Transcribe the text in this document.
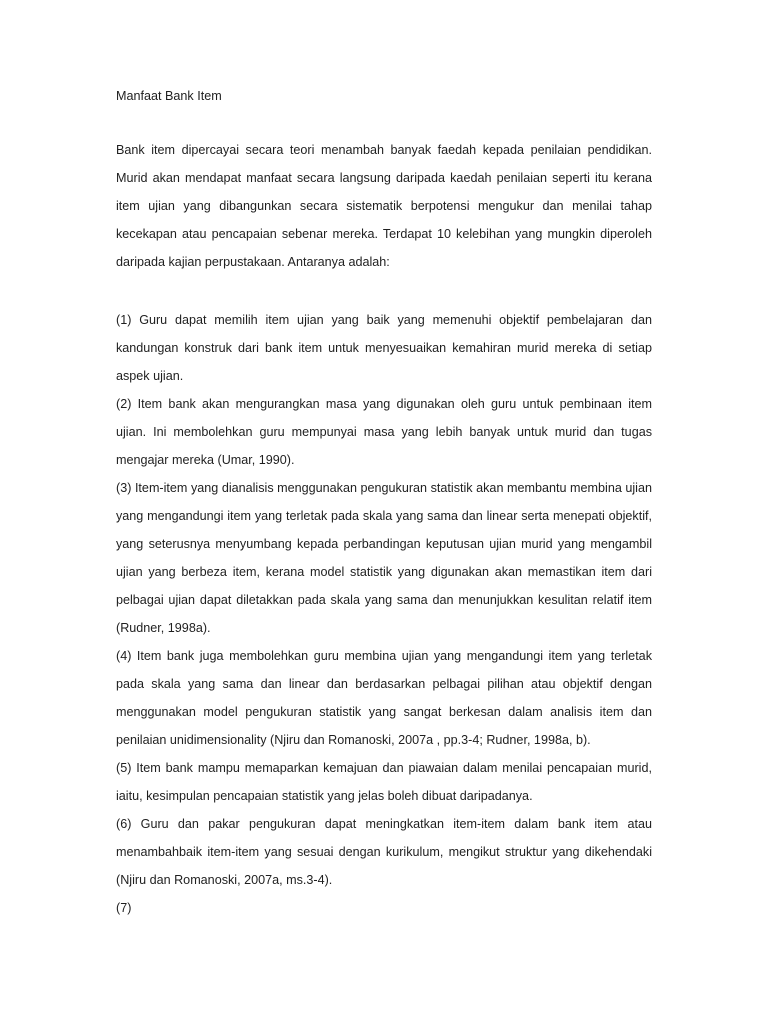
Manfaat Bank Item

Bank item dipercayai secara teori menambah banyak faedah kepada penilaian pendidikan. Murid akan mendapat manfaat secara langsung daripada kaedah penilaian seperti itu kerana item ujian yang dibangunkan secara sistematik berpotensi mengukur dan menilai tahap kecekapan atau pencapaian sebenar mereka. Terdapat 10 kelebihan yang mungkin diperoleh daripada kajian perpustakaan. Antaranya adalah:

(1) Guru dapat memilih item ujian yang baik yang memenuhi objektif pembelajaran dan kandungan konstruk dari bank item untuk menyesuaikan kemahiran murid mereka di setiap aspek ujian.

(2) Item bank akan mengurangkan masa yang digunakan oleh guru untuk pembinaan item ujian. Ini membolehkan guru mempunyai masa yang lebih banyak untuk murid dan tugas mengajar mereka (Umar, 1990).

(3) Item-item yang dianalisis menggunakan pengukuran statistik akan membantu membina ujian yang mengandungi item yang terletak pada skala yang sama dan linear serta menepati objektif, yang seterusnya menyumbang kepada perbandingan keputusan ujian murid yang mengambil ujian yang berbeza item, kerana model statistik yang digunakan akan memastikan item dari pelbagai ujian dapat diletakkan pada skala yang sama dan menunjukkan kesulitan relatif item (Rudner, 1998a).

(4) Item bank juga membolehkan guru membina ujian yang mengandungi item yang terletak pada skala yang sama dan linear dan berdasarkan pelbagai pilihan atau objektif dengan menggunakan model pengukuran statistik yang sangat berkesan dalam analisis item dan penilaian unidimensionality (Njiru dan Romanoski, 2007a , pp.3-4; Rudner, 1998a, b).

(5) Item bank mampu memaparkan kemajuan dan piawaian dalam menilai pencapaian murid, iaitu, kesimpulan pencapaian statistik yang jelas boleh dibuat daripadanya.

(6) Guru dan pakar pengukuran dapat meningkatkan item-item dalam bank item atau menambahbaik item-item yang sesuai dengan kurikulum, mengikut struktur yang dikehendaki (Njiru dan Romanoski, 2007a, ms.3-4).

(7)
